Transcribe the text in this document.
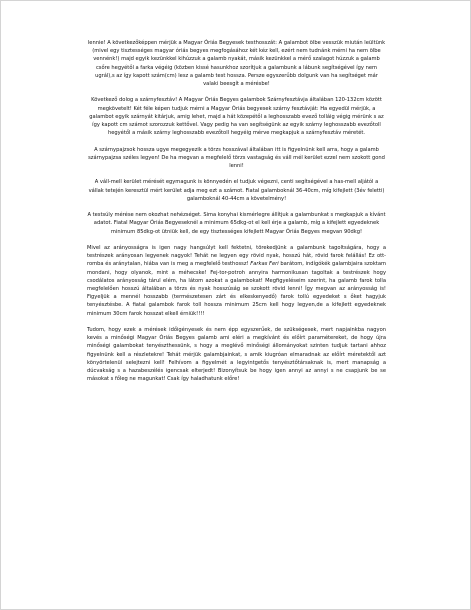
lennie! A következőképpen mérjük a Magyar Óriás Begyesek testhosszát: A galambot ölbe vesszük miután leültünk (mivel egy tisztességes magyar óriás begyes megfogásához két kéz kell, ezért nem tudnánk mérni ha nem ölbe vennénk!) majd egyik kezünkkel kihúzzuk a galamb nyakát, másik kezünkkel a mérő szalagot húzzuk a galamb csőre hegyétől a farka végéig (közben kissé hasunkhoz szorítjuk a galambunk a lábunk segítségével így nem ugrál),s az így kapott szám(cm) lesz a galamb test hossza. Persze egyszerűbb dolgunk van ha segítséget már valaki beesgít a mérésbe!

Következő dolog a szárnyfesztáv! A Magyar Óriás Begyes galambok Szárnyfesztávja általában 120-132cm között megkövetelt! Két féle képen tudjuk mérni a Magyar Óriás begyesek szárny fesztávját: Ha egyedül mérjük, a galambot egyik szárnyát kitárjuk, amig lehet, majd a hát közepétől a leghosszabb evező tolláig végig mérünk s az így kapott cm számot szorozzuk kettővel. Vagy pedig ha van segítségünk az egyik szárny leghosszabb evezőtoll hegyétől a másik szárny leghosszabb evezőtoll hegyéig mérve megkapjuk a szárnyfesztáv méretét.

A szárnypajzsok hossza ugye megegyezik a törzs hosszával általában itt is figyelnünk kell arra, hogy a galamb szárnypajzsa széles legyen! De ha megvan a megfelelő törzs vastagság és váll mél kerület ezzel nem szokott gond lenni!

A váll-mell kerület mérését egymagunk is könnyedén el tudjuk végezni, centi segítségével a has-mell aljától a vállak tetején keresztül mért kerület adja meg ezt a számot. Fiatal galamboknál 36-40cm, míg kifejlett (3év feletti) galamboknál 40-44cm a követelmény!

A testsúly mérése nem okozhat nehézséget. Sima konyhai kismérlegre állítjuk a galambunkat s megkapjuk a kívánt adatot. Fiatal Magyar Óriás Begyeseknél a minimum 65dkg-ot el kell érje a galamb, míg a kifejlett egyedeknek minimum 85dkg-ot ütniük kell, de egy tisztességes kifejlett Magyar Óriás Begyes megvan 90dkg!

Mivel az arányosságra is igen nagy hangsúlyt kell fektetni, törekedjünk a galambunk tagoltságára, hogy a testrészek arányosan legyenek nagyok! Tehát ne legyen egy rövid nyak, hosszú hát, rövid farok felállás! Ez ottromba és aránytalan, hiába van is meg a megfelelő testhossz! Farkas Feri barátom, indígókék galambjaira szoktam mondani, hogy olyanok, mint a méhecske! Fej-tor-potroh annyira harmonikusan tagoltak a testrészek hogy csodálatos arányosság tárul elém, ha látom azokat a galambokat! Megfigyeléseim szerint, ha galamb farok tolla megfelelően hosszú általában a törzs és nyak hosszúság se szokott rövid lenni! Így megvan az arányosság is! Figyeljük a mennél hosszabb (természetesen zárt és elkeskenyedő) farok tollú egyedeket s őket hagyjuk tenyésztésbe. A fiatal galambok farok toll hossza minimum 25cm kell hogy legyen,de a kifejlett egyedeknek minimum 30cm farok hosszat elkell érniük!!!!

Tudom, hogy ezek a mérések időigényesek és nem épp egyszerűek, de szükségesek, mert napjainkba nagyon kevés a minőségi Magyar Óriás Begyes galamb ami eléri a megkívánt és előírt paramétereket, de hogy újra minőségi galambokat tenyészthessünk, s hogy a meglévő minőségi állományokat szinten tudjuk tartani ahhoz figyelnünk kell a részletekre! Tehát mérjük galambjainkat, s amik kiugróan elmaradnak az előírt méretektől azt könyörtelenül selejtezni kell! Felhívom a figyelmét a legyintgetős tenyésztőtársaknak is, mert manapság a dúcvakság s a hazabeszélés igencsak elterjedt! Bizonyítsuk be hogy igen annyi az annyi s ne csapjunk be se másokat s főleg ne magunkat! Csak így haladhatunk előre!
